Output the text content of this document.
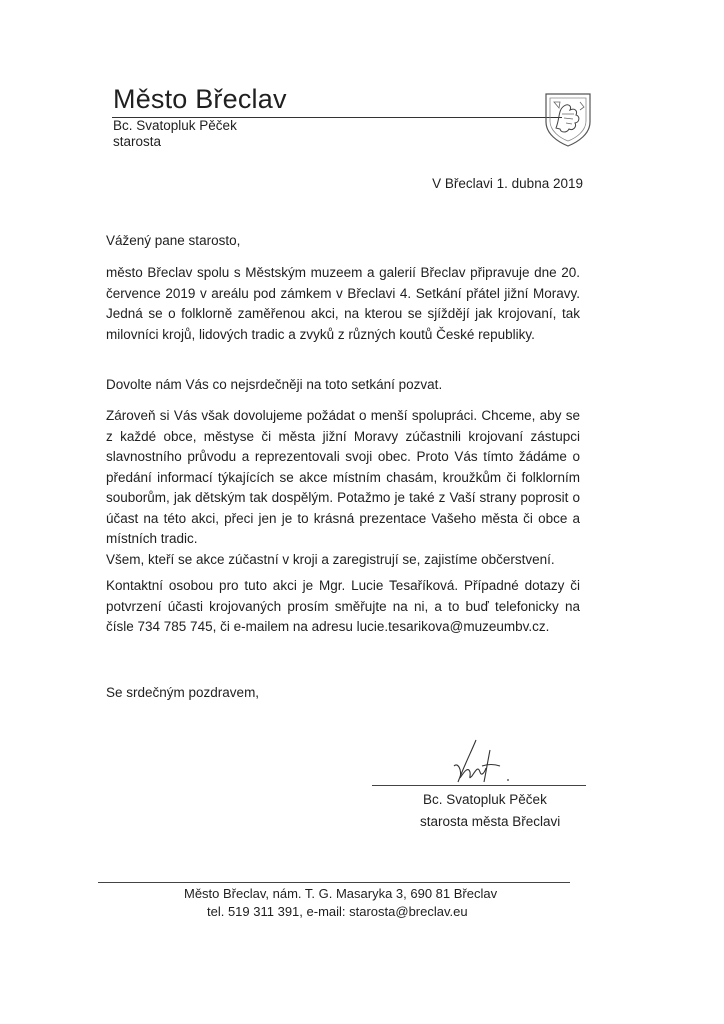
Město Břeclav
Bc. Svatopluk Pěček
starosta
V Břeclavi 1. dubna 2019
Vážený pane starosto,

město Břeclav spolu s Městským muzeem a galerií Břeclav připravuje dne 20. července 2019 v areálu pod zámkem v Břeclavi 4. Setkání přátel jižní Moravy. Jedná se o folklorně zaměřenou akci, na kterou se sjíždějí jak krojovaní, tak milovníci krojů, lidových tradic a zvyků z různých koutů České republiky.

Dovolte nám Vás co nejsrdečněji na toto setkání pozvat.

Zároveň si Vás však dovolujeme požádat o menší spolupráci. Chceme, aby se z každé obce, městyse či města jižní Moravy zúčastnili krojovaní zástupci slavnostního průvodu a reprezentovali svoji obec. Proto Vás tímto žádáme o předání informací týkajících se akce místním chasám, kroužkům či folklorním souborům, jak dětským tak dospělým. Potažmo je také z Vaší strany poprosit o účast na této akci, přeci jen je to krásná prezentace Vašeho města či obce a místních tradic.
Všem, kteří se akce zúčastní v kroji a zaregistrují se, zajistíme občerstvení.

Kontaktní osobou pro tuto akci je Mgr. Lucie Tesaříková. Případné dotazy či potvrzení účasti krojovaných prosím směřujte na ni, a to buď telefonicky na čísle 734 785 745, či e-mailem na adresu lucie.tesarikova@muzeumbv.cz.

Se srdečným pozdravem,
Bc. Svatopluk Pěček
starosta města Břeclavi
Město Břeclav, nám. T. G. Masaryka 3, 690 81 Břeclav
tel. 519 311 391, e-mail: starosta@breclav.eu
